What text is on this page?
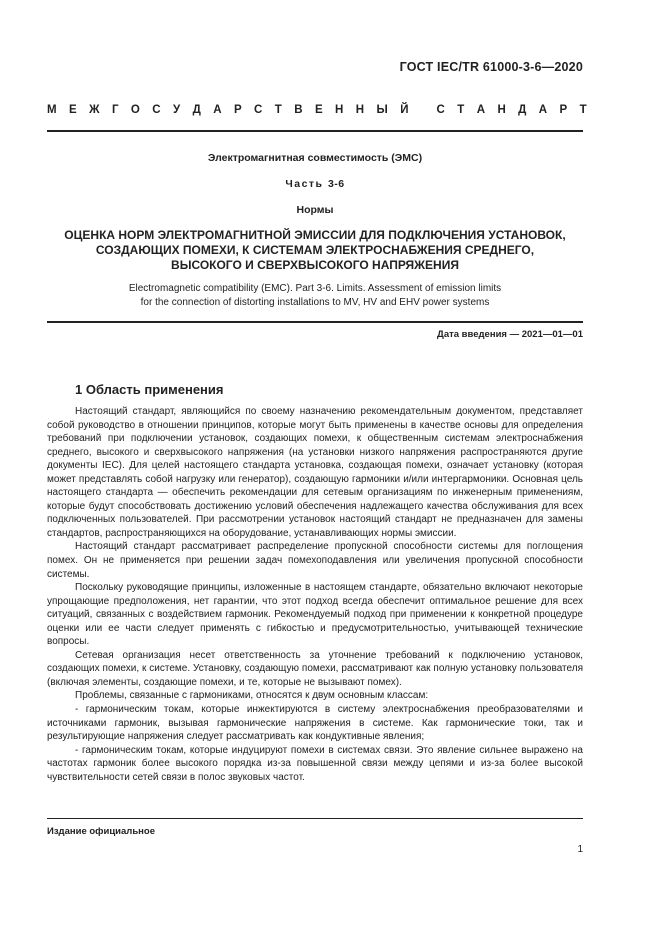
ГОСТ IEC/TR 61000-3-6—2020
М Е Ж Г О С У Д А Р С Т В Е Н Н Ы Й
С Т А Н Д А Р Т
Электромагнитная совместимость (ЭМС)
Часть 3-6
Нормы
ОЦЕНКА НОРМ ЭЛЕКТРОМАГНИТНОЙ ЭМИССИИ ДЛЯ ПОДКЛЮЧЕНИЯ УСТАНОВОК,
СОЗДАЮЩИХ ПОМЕХИ, К СИСТЕМАМ ЭЛЕКТРОСНАБЖЕНИЯ СРЕДНЕГО,
ВЫСОКОГО И СВЕРХВЫСОКОГО НАПРЯЖЕНИЯ
Electromagnetic compatibility (EMC). Part 3-6. Limits. Assessment of emission limits
for the connection of distorting installations to MV, HV and EHV power systems
Дата введения — 2021—01—01
1 Область применения

Настоящий стандарт, являющийся по своему назначению рекомендательным документом, представляет собой руководство в отношении принципов, которые могут быть применены в качестве основы для определения требований при подключении установок, создающих помехи, к общественным системам электроснабжения среднего, высокого и сверхвысокого напряжения (на установки низкого напряжения распространяются другие документы IEC). Для целей настоящего стандарта установка, создающая помехи, означает установку (которая может представлять собой нагрузку или генератор), создающую гармоники и/или интергармоники. Основная цель настоящего стандарта — обеспечить рекомендации для сетевым организациям по инженерным применениям, которые будут способствовать достижению условий обеспечения надлежащего качества обслуживания для всех подключенных пользователей. При рассмотрении установок настоящий стандарт не предназначен для замены стандартов, распространяющихся на оборудование, устанавливающих нормы эмиссии.

Настоящий стандарт рассматривает распределение пропускной способности системы для поглощения помех. Он не применяется при решении задач помехоподавления или увеличения пропускной способности системы.

Поскольку руководящие принципы, изложенные в настоящем стандарте, обязательно включают некоторые упрощающие предположения, нет гарантии, что этот подход всегда обеспечит оптимальное решение для всех ситуаций, связанных с воздействием гармоник. Рекомендуемый подход при применении к конкретной процедуре оценки или ее части следует применять с гибкостью и предусмотрительностью, учитывающей технические вопросы.

Сетевая организация несет ответственность за уточнение требований к подключению установок, создающих помехи, к системе. Установку, создающую помехи, рассматривают как полную установку пользователя (включая элементы, создающие помехи, и те, которые не вызывают помех).

Проблемы, связанные с гармониками, относятся к двум основным классам:

- гармоническим токам, которые инжектируются в систему электроснабжения преобразователями и источниками гармоник, вызывая гармонические напряжения в системе. Как гармонические токи, так и результирующие напряжения следует рассматривать как кондуктивные явления;

- гармоническим токам, которые индуцируют помехи в системах связи. Это явление сильнее выражено на частотах гармоник более высокого порядка из-за повышенной связи между цепями и из-за более высокой чувствительности сетей связи в полос звуковых частот.

Издание официальное
1
